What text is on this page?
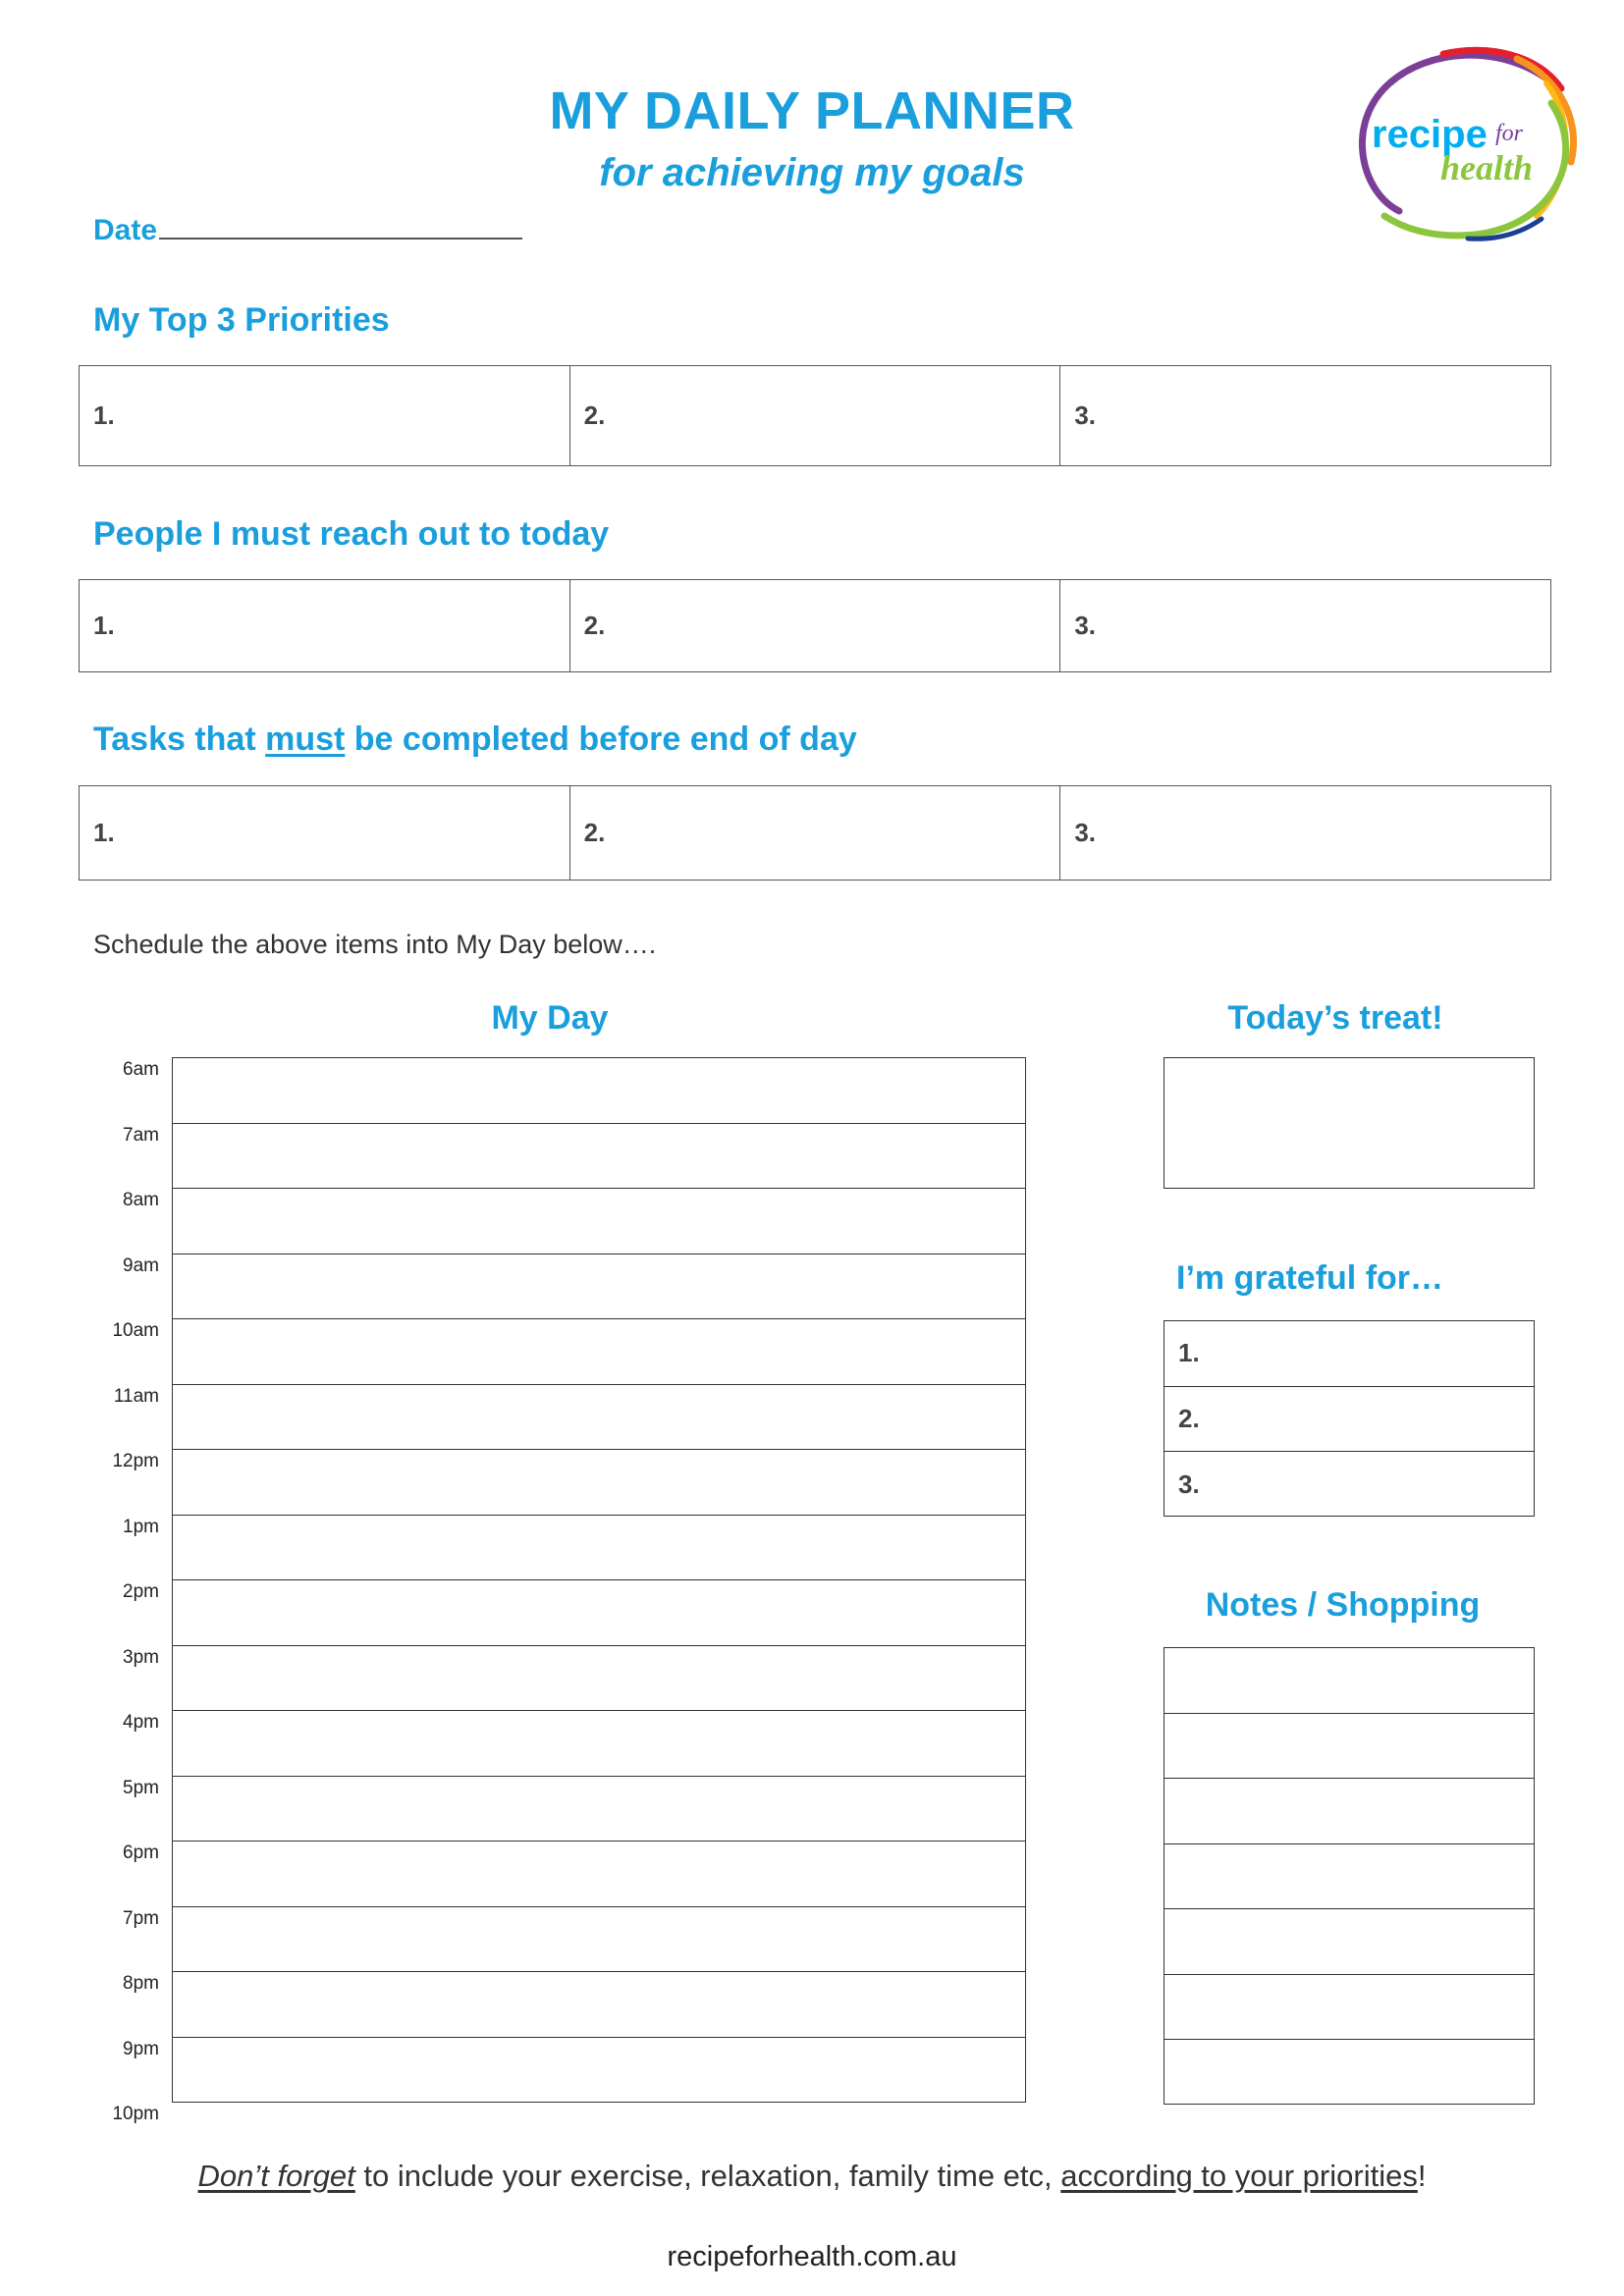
MY DAILY PLANNER
for achieving my goals
Date
recipe for
health
My Top 3 Priorities
1.	2.	3.
People I must reach out to today
1.	2.	3.
Tasks that must be completed before end of day
1.	2.	3.
Schedule the above items into My Day below….
My Day	Today’s treat!
6am
7am
8am
9am
10am
11am
12pm
1pm
2pm
3pm
4pm
5pm
6pm
7pm
8pm
9pm
10pm
I’m grateful for…
1.
2.
3.
Notes / Shopping
Don’t forget to include your exercise, relaxation, family time etc, according to your priorities!
recipeforhealth.com.au
